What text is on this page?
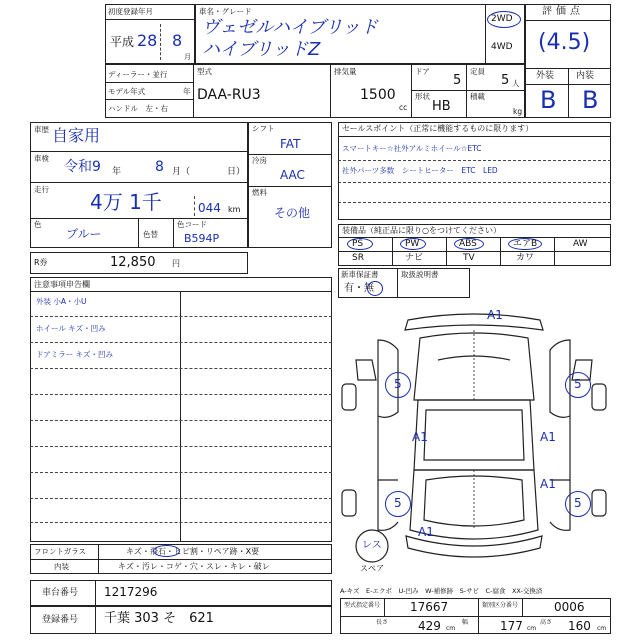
初度登録年月
平成 28 8
月
車名・グレード
ヴェゼルハイブリッド
ハイブリッドZ
2WD
4WD
評価点
(4.5)
外装 内装
B B
ディーラー・並行
モデル年式	年
ハンドル　左・右
型式
DAA-RU3
排気量
1500
cc
ドア
5
定員
5 人
形状
HB
積載
kg
車歴 自家用
車検
令和9 年 8 月（	日）
走行
4万 1千	044 km
色
ブルー	色替
色コード
B594P
シフト
FAT
冷房
AAC
燃料
その他
R券	12,850 円
セールスポイント（正常に機能するものに限ります）
スマートキー☆社外アルミホイール☆ETC
社外パーツ多数　シートヒーター　ETC　LED
装備品（純正品に限り○をつけてください）
PS	PW	ABS	エアB	AW
SR	ナビ	TV	カワ
新車保証書	取扱説明書
有・無
注意事項申告欄
外装 小A・小U
ホイール キズ・凹み
ドアミラー キズ・凹み
フロントガラス	キズ・飛石・ヒビ割・リペア跡・X要
内装	キズ・汚レ・コゲ・穴・スレ・キレ・破レ
車台番号 1217296
登録番号 千葉 303 そ　621
A1
5	5
A1	A1
A1
5	5
A1
レス
スペア
A-キズ　E-エクボ　U-凹み　W-補修跡　S-サビ　C-腐食　XX-交換済
型式指定番号 17667	類別区分番号	0006
長さ 429 cm
幅	177 cm
高さ 160 cm
